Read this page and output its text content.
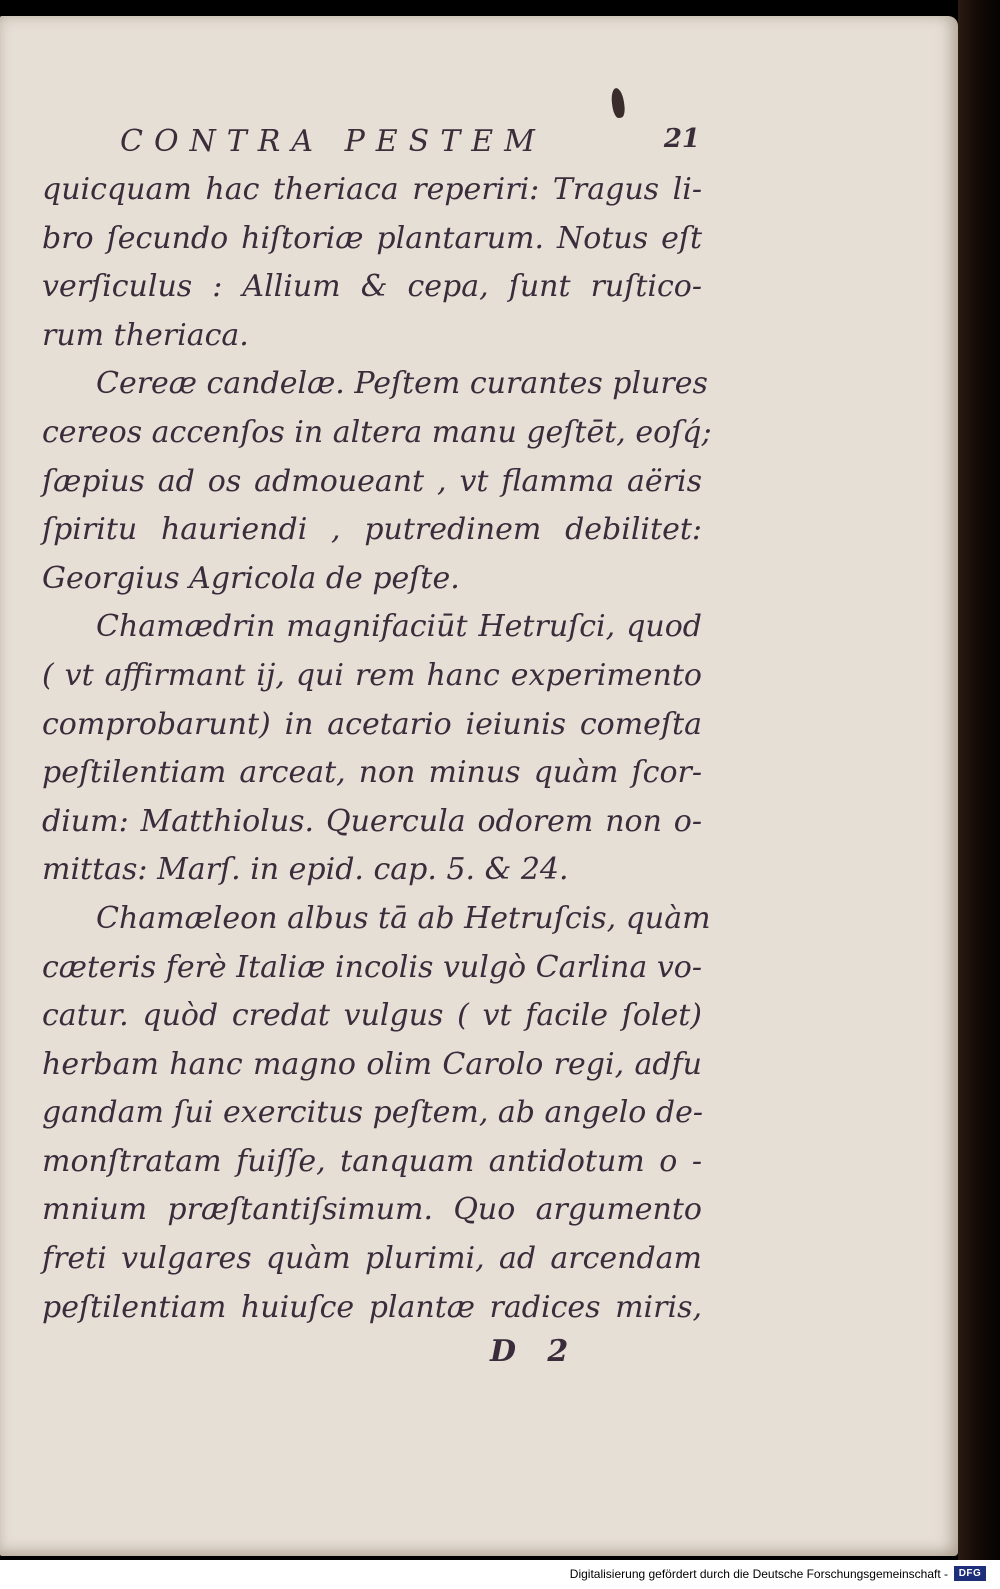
CONTRA PESTEM	21
quicquam hac theriaca reperiri: Tragus li-
bro ſecundo hiſtoriæ plantarum. Notus eſt
verſiculus : Allium & cepa, ſunt ruſtico-
rum theriaca.
Cereæ candelæ. Peſtem curantes plures
cereos accenſos in altera manu geſtēt, eoſq́;
ſæpius ad os admoueant , vt flamma aëris
ſpiritu hauriendi , putredinem debilitet:
Georgius Agricola de peſte.
Chamædrin magnifaciūt Hetruſci, quod
( vt affirmant ij, qui rem hanc experimento
comprobarunt) in acetario ieiunis comeſta
peſtilentiam arceat, non minus quàm ſcor-
dium: Matthiolus. Quercula odorem non o-
mittas: Marſ. in epid. cap. 5. & 24.
Chamæleon albus tā ab Hetruſcis, quàm
cæteris ferè Italiæ incolis vulgò Carlina vo-
catur. quòd credat vulgus ( vt facile ſolet)
herbam hanc magno olim Carolo regi, adfu
gandam ſui exercitus peſtem, ab angelo de-
monſtratam fuiſſe, tanquam antidotum o -
mnium præſtantiſsimum. Quo argumento
freti vulgares quàm plurimi, ad arcendam
peſtilentiam huiuſce plantæ radices miris,
D   2
Digitalisierung gefördert durch die Deutsche Forschungsgemeinschaft -	DFG
